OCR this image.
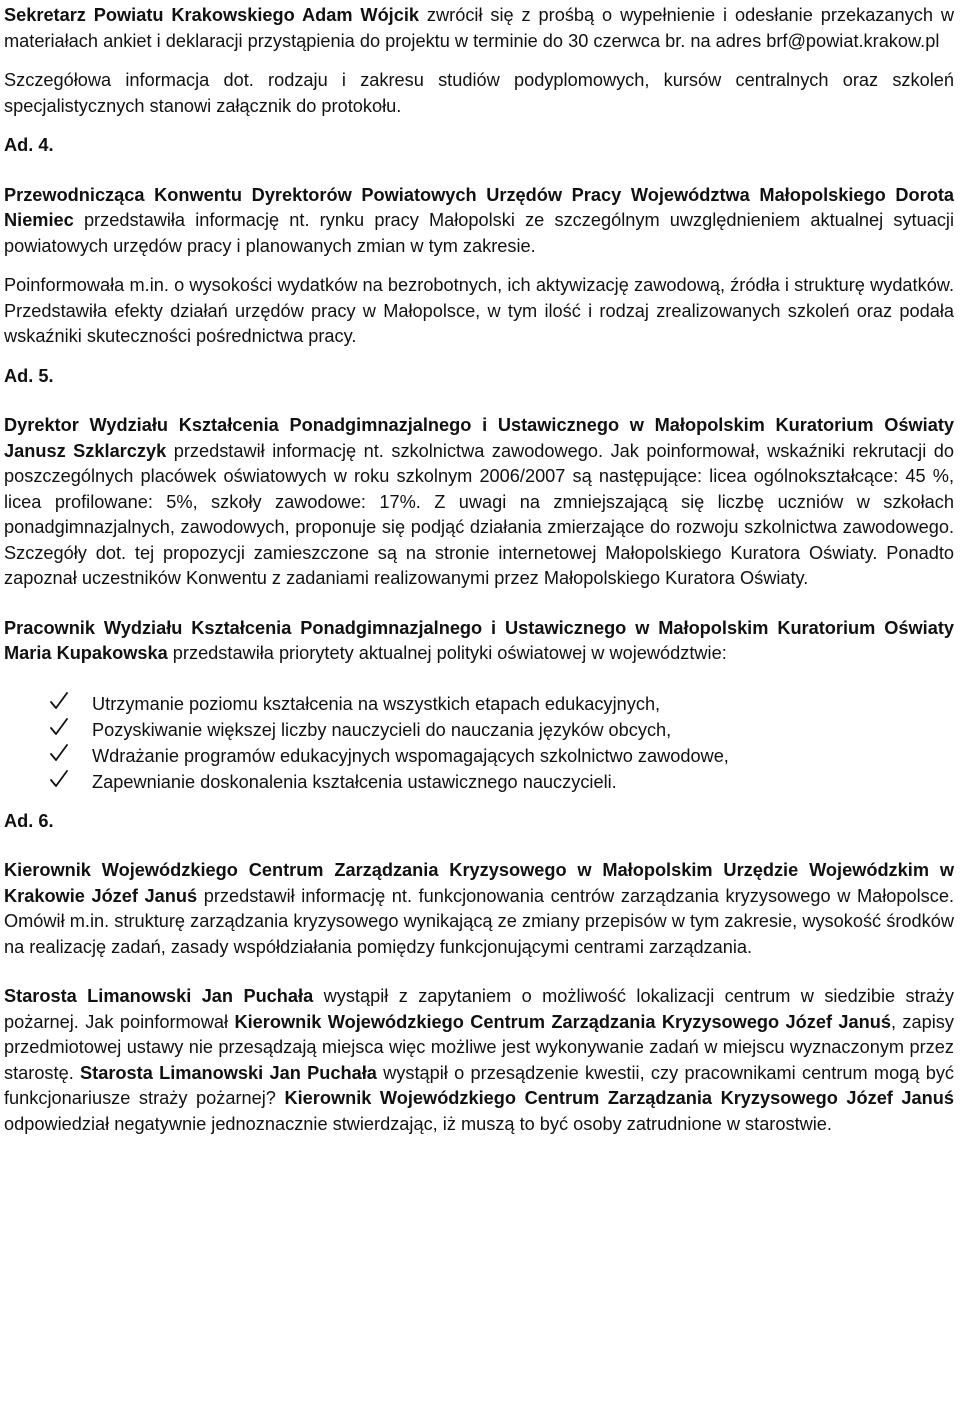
Sekretarz Powiatu Krakowskiego Adam Wójcik zwrócił się z prośbą o wypełnienie i odesłanie przekazanych w materiałach ankiet i deklaracji przystąpienia do projektu w terminie do 30 czerwca br. na adres brf@powiat.krakow.pl

Szczegółowa informacja dot. rodzaju i zakresu studiów podyplomowych, kursów centralnych oraz szkoleń specjalistycznych stanowi załącznik do protokołu.

Ad. 4.

Przewodnicząca Konwentu Dyrektorów Powiatowych Urzędów Pracy Województwa Małopolskiego Dorota Niemiec przedstawiła informację nt. rynku pracy Małopolski ze szczególnym uwzględnieniem aktualnej sytuacji powiatowych urzędów pracy i planowanych zmian w tym zakresie.

Poinformowała m.in. o wysokości wydatków na bezrobotnych, ich aktywizację zawodową, źródła i strukturę wydatków. Przedstawiła efekty działań urzędów pracy w Małopolsce, w tym ilość i rodzaj zrealizowanych szkoleń oraz podała wskaźniki skuteczności pośrednictwa pracy.

Ad. 5.

Dyrektor Wydziału Kształcenia Ponadgimnazjalnego i Ustawicznego w Małopolskim Kuratorium Oświaty Janusz Szklarczyk przedstawił informację nt. szkolnictwa zawodowego. Jak poinformował, wskaźniki rekrutacji do poszczególnych placówek oświatowych w roku szkolnym 2006/2007 są następujące: licea ogólnokształcące: 45 %, licea profilowane: 5%, szkoły zawodowe: 17%. Z uwagi na zmniejszającą się liczbę uczniów w szkołach ponadgimnazjalnych, zawodowych, proponuje się podjąć działania zmierzające do rozwoju szkolnictwa zawodowego. Szczegóły dot. tej propozycji zamieszczone są na stronie internetowej Małopolskiego Kuratora Oświaty. Ponadto zapoznał uczestników Konwentu z zadaniami realizowanymi przez Małopolskiego Kuratora Oświaty.

Pracownik Wydziału Kształcenia Ponadgimnazjalnego i Ustawicznego w Małopolskim Kuratorium Oświaty Maria Kupakowska przedstawiła priorytety aktualnej polityki oświatowej w województwie:

Utrzymanie poziomu kształcenia na wszystkich etapach edukacyjnych,
Pozyskiwanie większej liczby nauczycieli do nauczania języków obcych,
Wdrażanie programów edukacyjnych wspomagających szkolnictwo zawodowe,
Zapewnianie doskonalenia kształcenia ustawicznego nauczycieli.

Ad. 6.

Kierownik Wojewódzkiego Centrum Zarządzania Kryzysowego w Małopolskim Urzędzie Wojewódzkim w Krakowie Józef Januś przedstawił informację nt. funkcjonowania centrów zarządzania kryzysowego w Małopolsce. Omówił m.in. strukturę zarządzania kryzysowego wynikającą ze zmiany przepisów w tym zakresie, wysokość środków na realizację zadań, zasady współdziałania pomiędzy funkcjonującymi centrami zarządzania.

Starosta Limanowski Jan Puchała wystąpił z zapytaniem o możliwość lokalizacji centrum w siedzibie straży pożarnej. Jak poinformował Kierownik Wojewódzkiego Centrum Zarządzania Kryzysowego Józef Januś, zapisy przedmiotowej ustawy nie przesądzają miejsca więc możliwe jest wykonywanie zadań w miejscu wyznaczonym przez starostę. Starosta Limanowski Jan Puchała wystąpił o przesądzenie kwestii, czy pracownikami centrum mogą być funkcjonariusze straży pożarnej? Kierownik Wojewódzkiego Centrum Zarządzania Kryzysowego Józef Januś odpowiedział negatywnie jednoznacznie stwierdzając, iż muszą to być osoby zatrudnione w starostwie.
